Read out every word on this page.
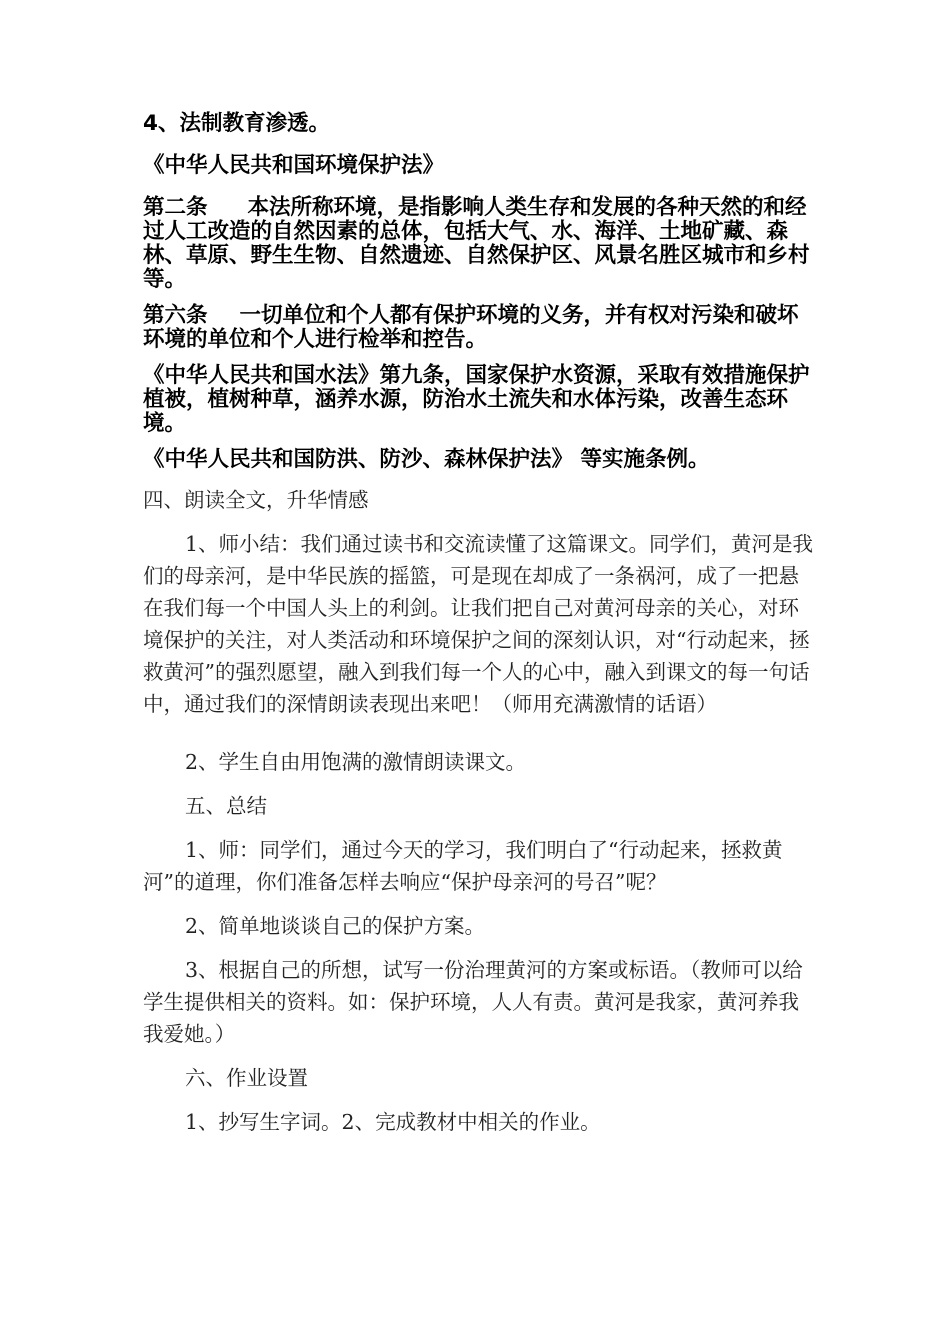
4、法制教育渗透。

《中华人民共和国环境保护法》

第二条 本法所称环境，是指影响人类生存和发展的各种天然的和经过人工改造的自然因素的总体，包括大气、水、海洋、土地矿藏、森林、草原、野生生物、自然遗迹、自然保护区、风景名胜区城市和乡村等。

第六条 一切单位和个人都有保护环境的义务，并有权对污染和破坏环境的单位和个人进行检举和控告。

《中华人民共和国水法》第九条，国家保护水资源，采取有效措施保护植被，植树种草，涵养水源，防治水土流失和水体污染，改善生态环境。

《中华人民共和国防洪、防沙、森林保护法》 等实施条例。

四、朗读全文，升华情感

1、师小结：我们通过读书和交流读懂了这篇课文。同学们，黄河是我们的母亲河，是中华民族的摇篮，可是现在却成了一条祸河，成了一把悬在我们每一个中国人头上的利剑。让我们把自己对黄河母亲的关心，对环境保护的关注，对人类活动和环境保护之间的深刻认识，对“行动起来，拯救黄河”的强烈愿望，融入到我们每一个人的心中，融入到课文的每一句话中，通过我们的深情朗读表现出来吧！（师用充满激情的话语）

2、学生自由用饱满的激情朗读课文。

五、总结

1、师：同学们，通过今天的学习，我们明白了“行动起来，拯救黄河”的道理，你们准备怎样去响应“保护母亲河的号召”呢？

2、简单地谈谈自己的保护方案。

3、根据自己的所想，试写一份治理黄河的方案或标语。（教师可以给学生提供相关的资料。如：保护环境，人人有责。黄河是我家，黄河养我我爱她。）

六、作业设置

1、抄写生字词。2、完成教材中相关的作业。
